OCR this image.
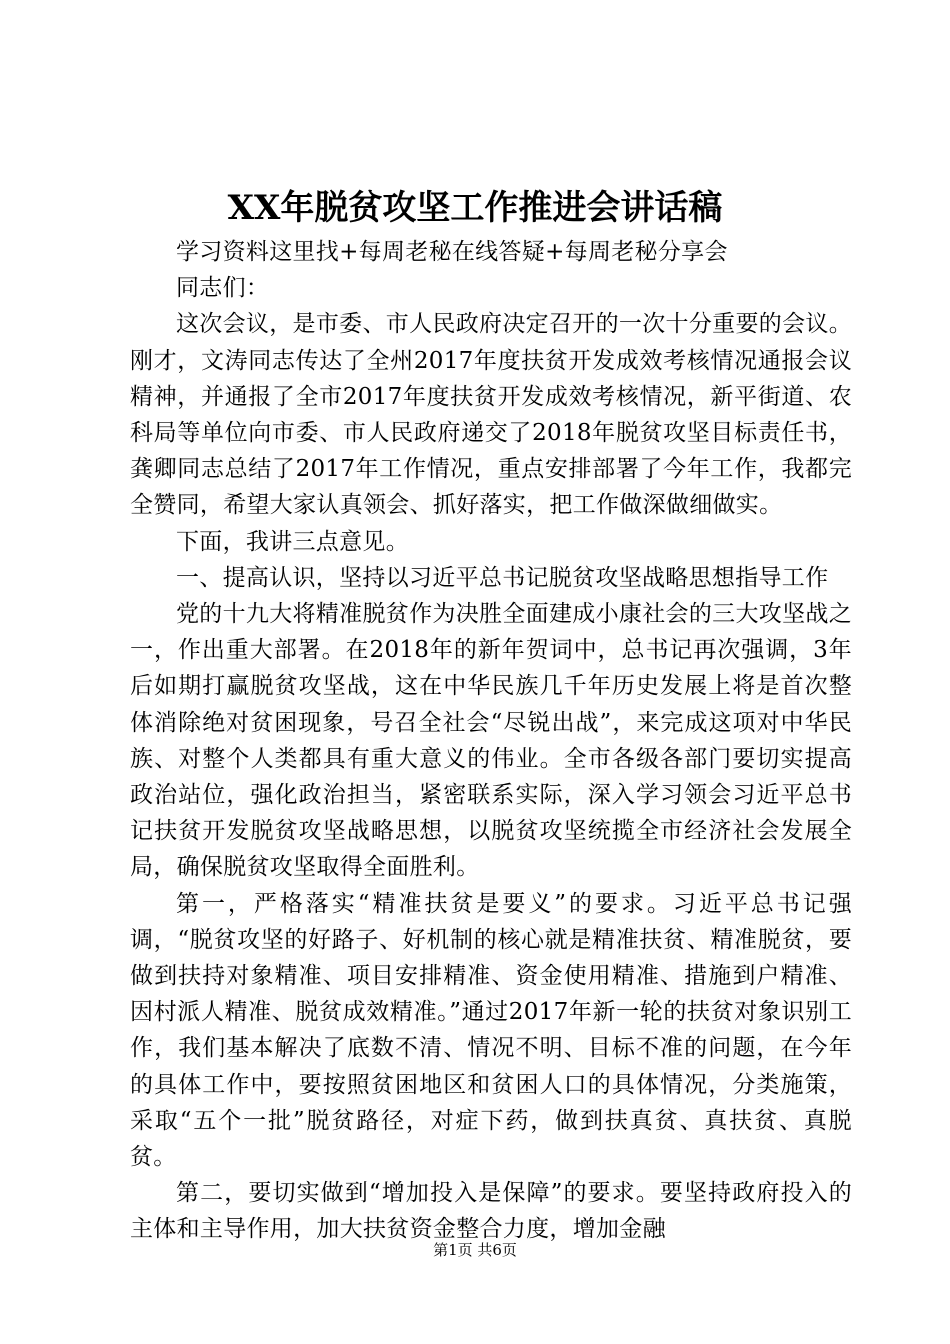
XX年脱贫攻坚工作推进会讲话稿

学习资料这里找+每周老秘在线答疑+每周老秘分享会

同志们：

这次会议，是市委、市人民政府决定召开的一次十分重要的会议。刚才，文涛同志传达了全州2017年度扶贫开发成效考核情况通报会议精神，并通报了全市2017年度扶贫开发成效考核情况，新平街道、农科局等单位向市委、市人民政府递交了2018年脱贫攻坚目标责任书，龚卿同志总结了2017年工作情况，重点安排部署了今年工作，我都完全赞同，希望大家认真领会、抓好落实，把工作做深做细做实。

下面，我讲三点意见。

一、提高认识，坚持以习近平总书记脱贫攻坚战略思想指导工作

党的十九大将精准脱贫作为决胜全面建成小康社会的三大攻坚战之一，作出重大部署。在2018年的新年贺词中，总书记再次强调，3年后如期打赢脱贫攻坚战，这在中华民族几千年历史发展上将是首次整体消除绝对贫困现象，号召全社会“尽锐出战”，来完成这项对中华民族、对整个人类都具有重大意义的伟业。全市各级各部门要切实提高政治站位，强化政治担当，紧密联系实际，深入学习领会习近平总书记扶贫开发脱贫攻坚战略思想，以脱贫攻坚统揽全市经济社会发展全局，确保脱贫攻坚取得全面胜利。

第一，严格落实“精准扶贫是要义”的要求。习近平总书记强调，“脱贫攻坚的好路子、好机制的核心就是精准扶贫、精准脱贫，要做到扶持对象精准、项目安排精准、资金使用精准、措施到户精准、因村派人精准、脱贫成效精准。”通过2017年新一轮的扶贫对象识别工作，我们基本解决了底数不清、情况不明、目标不准的问题，在今年的具体工作中，要按照贫困地区和贫困人口的具体情况，分类施策，采取“五个一批”脱贫路径，对症下药，做到扶真贫、真扶贫、真脱贫。

第二，要切实做到“增加投入是保障”的要求。要坚持政府投入的主体和主导作用，加大扶贫资金整合力度，增加金融

第1页 共6页
